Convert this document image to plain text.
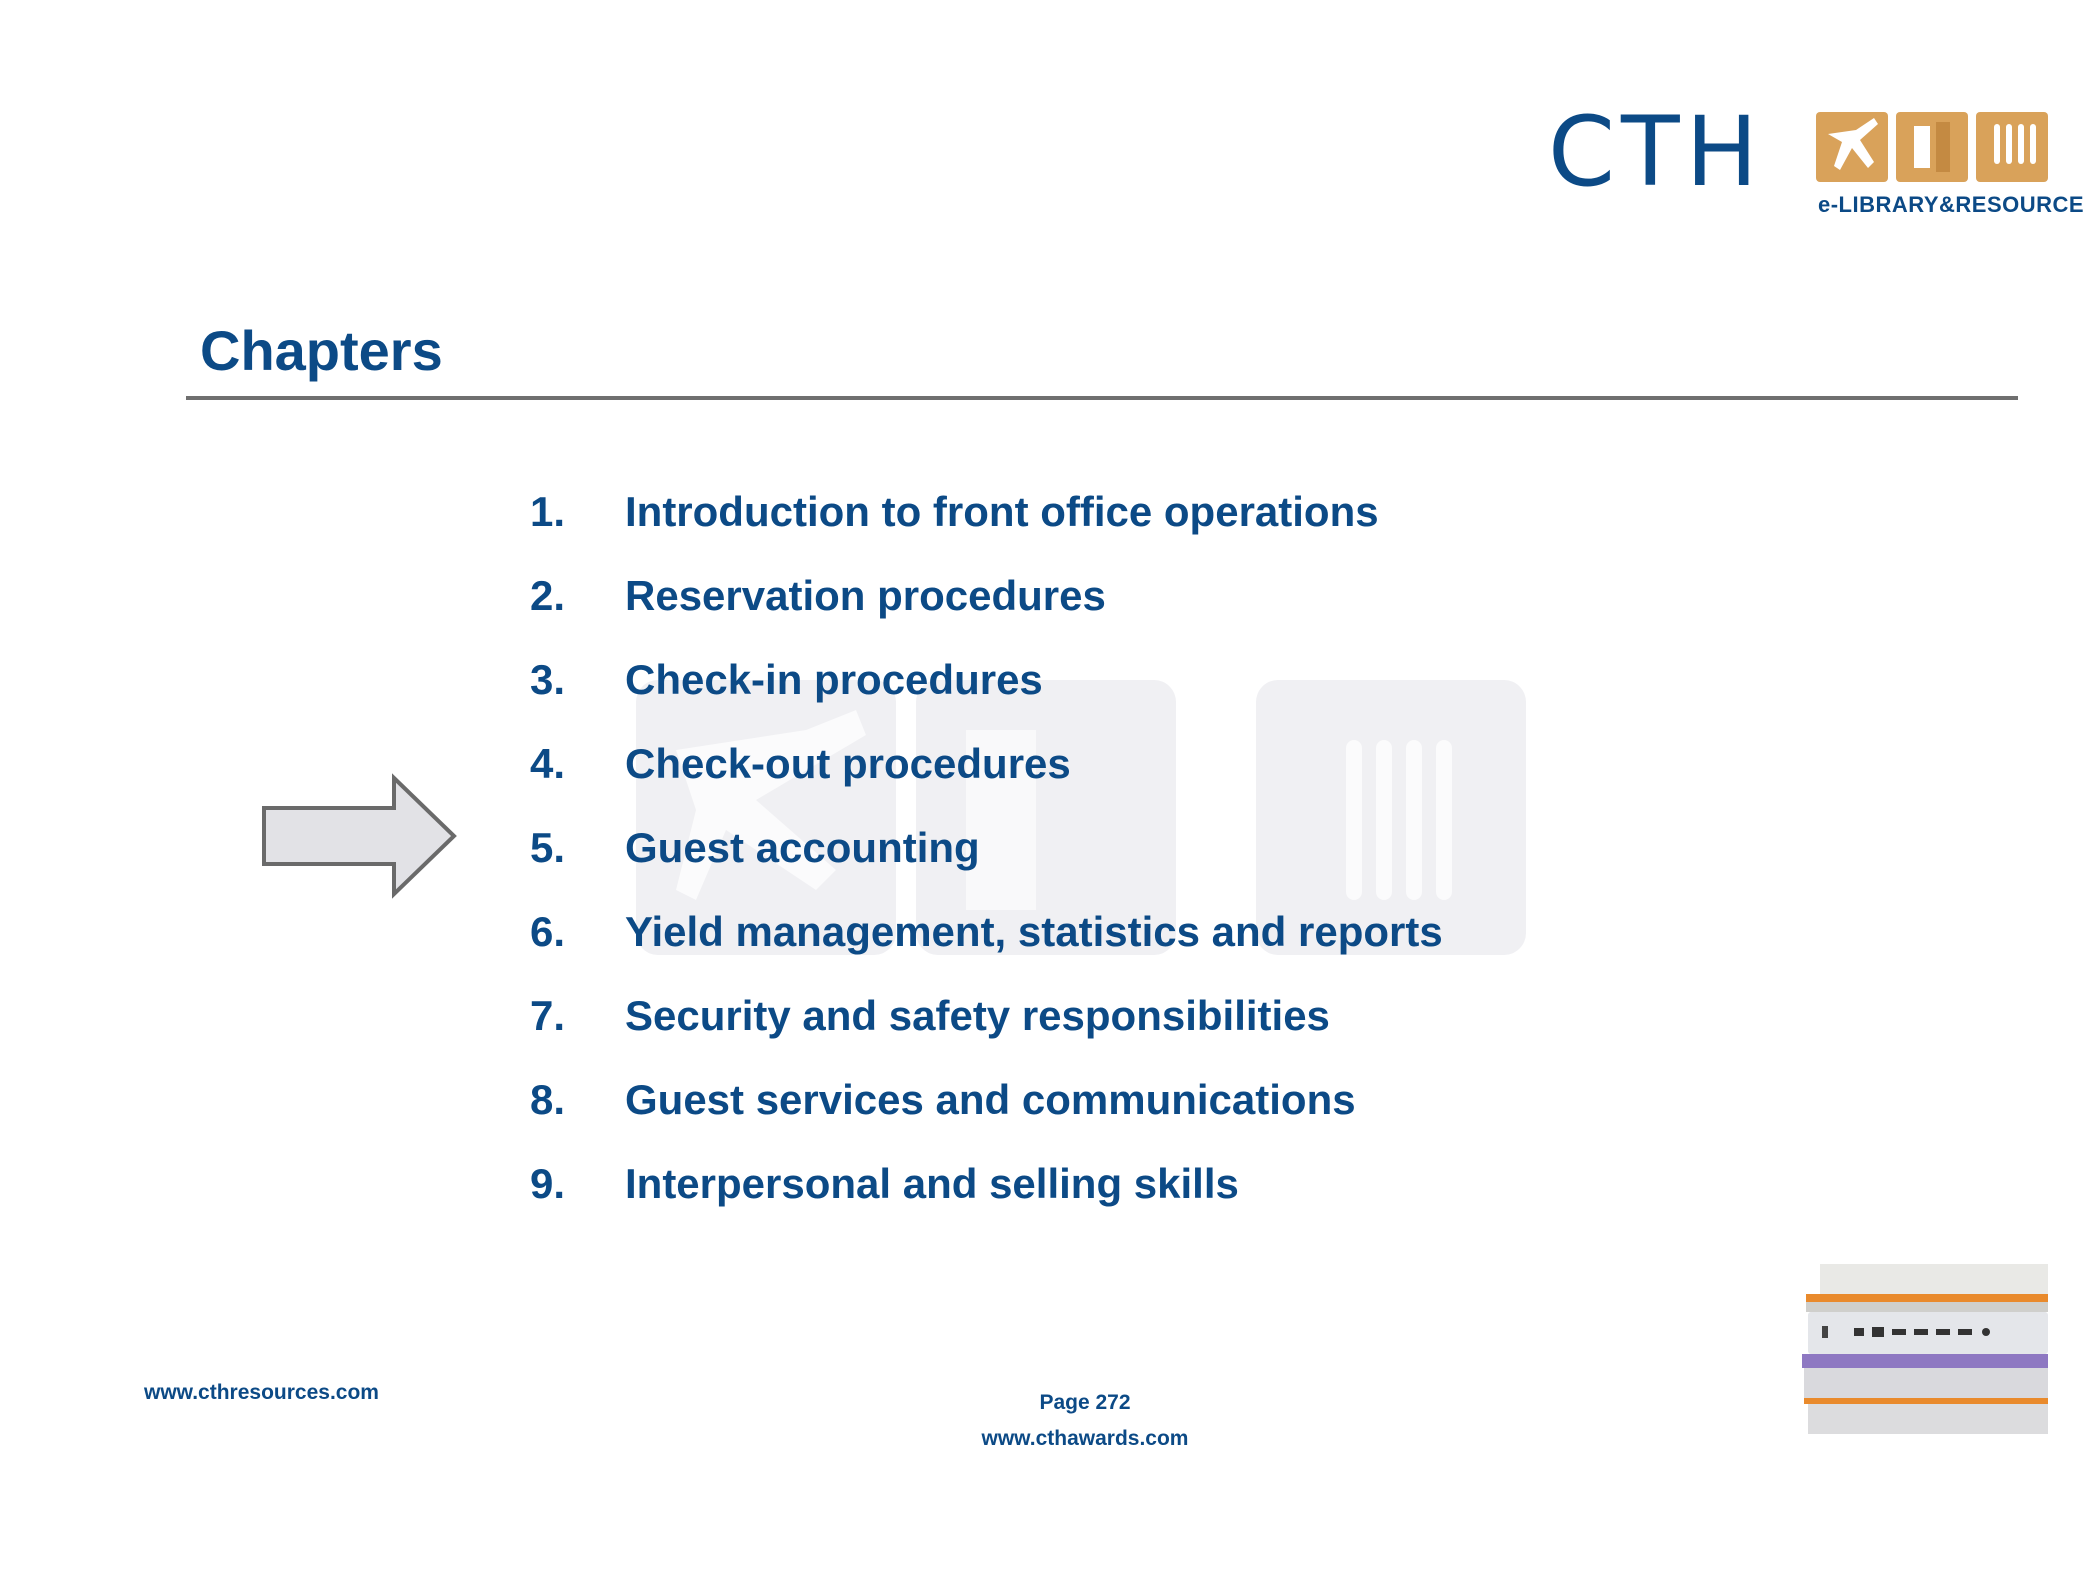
CTH e-LIBRARY&RESOURCE
Chapters
1.	Introduction to front office operations
2.	Reservation procedures
3.	Check-in procedures
4.	Check-out procedures
5.	Guest accounting
6.	Yield management, statistics and reports
7.	Security and safety responsibilities
8.	Guest services and communications
9.	Interpersonal and selling skills
www.cthresources.com	Page 272
www.cthawards.com
